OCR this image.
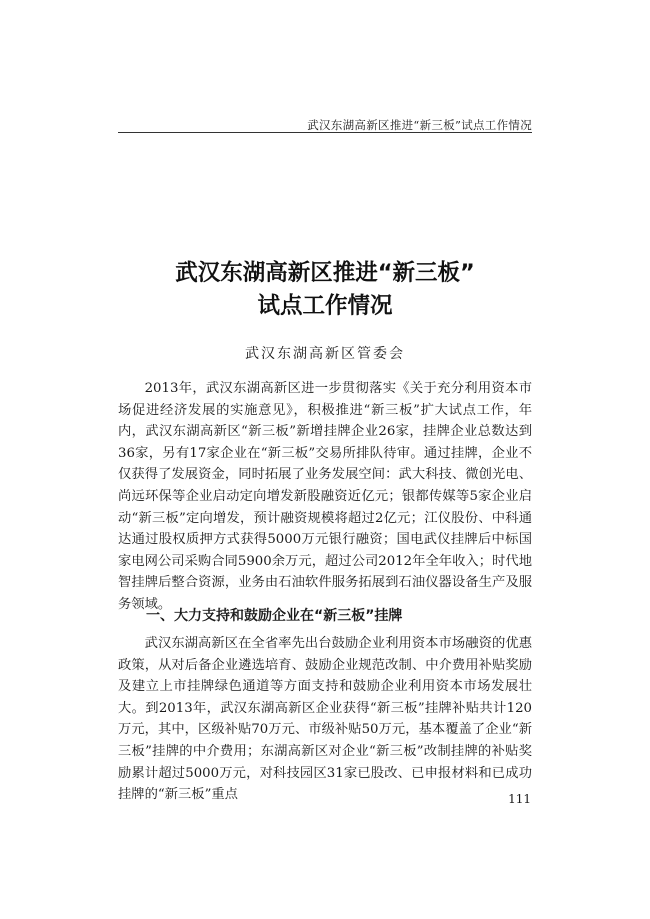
武汉东湖高新区推进“新三板”试点工作情况
武汉东湖高新区推进“新三板”
试点工作情况
武汉东湖高新区管委会

2013年，武汉东湖高新区进一步贯彻落实《关于充分利用资本市场促进经济发展的实施意见》，积极推进“新三板”扩大试点工作，年内，武汉东湖高新区“新三板”新增挂牌企业26家，挂牌企业总数达到36家，另有17家企业在“新三板”交易所排队待审。通过挂牌，企业不仅获得了发展资金，同时拓展了业务发展空间：武大科技、微创光电、尚远环保等企业启动定向增发新股融资近亿元；银都传媒等5家企业启动“新三板”定向增发，预计融资规模将超过2亿元；江仪股份、中科通达通过股权质押方式获得5000万元银行融资；国电武仪挂牌后中标国家电网公司采购合同5900余万元，超过公司2012年全年收入；时代地智挂牌后整合资源，业务由石油软件服务拓展到石油仪器设备生产及服务领域。

一、大力支持和鼓励企业在“新三板”挂牌

武汉东湖高新区在全省率先出台鼓励企业利用资本市场融资的优惠政策，从对后备企业遴选培育、鼓励企业规范改制、中介费用补贴奖励及建立上市挂牌绿色通道等方面支持和鼓励企业利用资本市场发展壮大。到2013年，武汉东湖高新区企业获得“新三板”挂牌补贴共计120万元，其中，区级补贴70万元、市级补贴50万元，基本覆盖了企业“新三板”挂牌的中介费用；东湖高新区对企业“新三板”改制挂牌的补贴奖励累计超过5000万元，对科技园区31家已股改、已申报材料和已成功挂牌的“新三板”重点	111
